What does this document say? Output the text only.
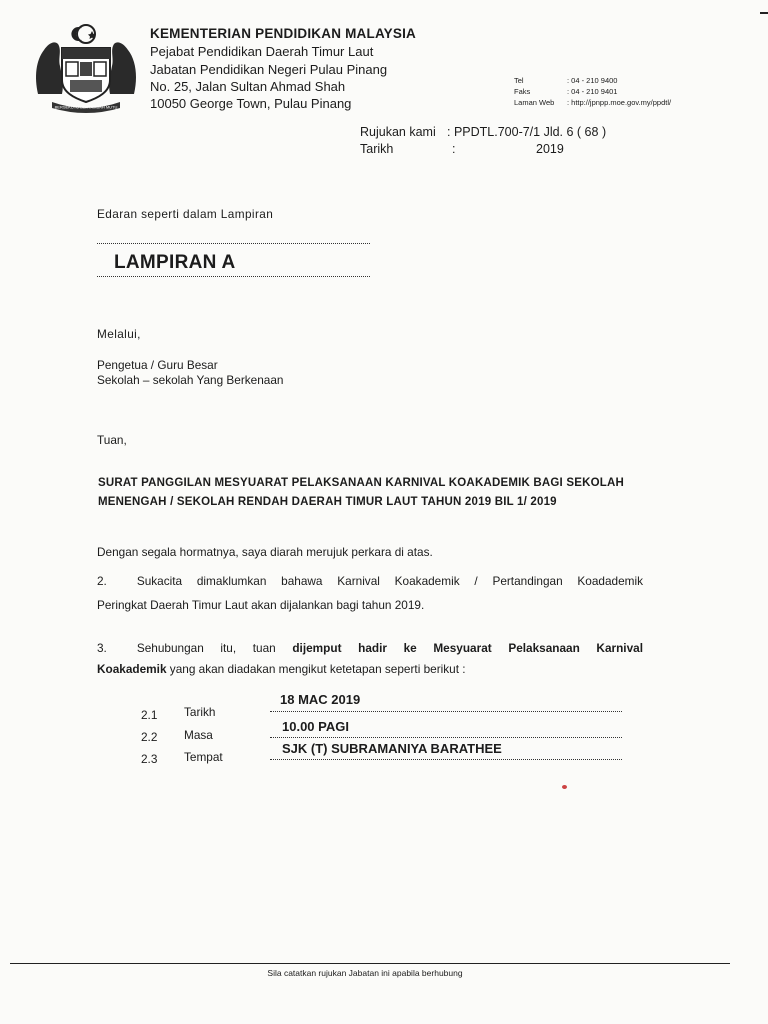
BERSEKUTU BERTAMBAH MUTU
KEMENTERIAN PENDIDIKAN MALAYSIA
Pejabat Pendidikan Daerah Timur Laut
Jabatan Pendidikan Negeri Pulau Pinang
No. 25, Jalan Sultan Ahmad Shah
10050 George Town, Pulau Pinang
Tel	: 04 - 210 9400
Faks	: 04 - 210 9401
Laman Web : http://jpnpp.moe.gov.my/ppdtl/
Rujukan kami : PPDTL.700-7/1 Jld. 6 ( 68 )
Tarikh	:	2019
Edaran seperti dalam Lampiran
LAMPIRAN A
Melalui,
Pengetua / Guru Besar
Sekolah – sekolah Yang Berkenaan
Tuan,
SURAT PANGGILAN MESYUARAT PELAKSANAAN KARNIVAL KOAKADEMIK BAGI SEKOLAH MENENGAH / SEKOLAH RENDAH DAERAH TIMUR LAUT TAHUN 2019 BIL 1/ 2019
Dengan segala hormatnya, saya diarah merujuk perkara di atas.
2.	Sukacita dimaklumkan bahawa Karnival Koakademik / Pertandingan Koadademik
Peringkat Daerah Timur Laut akan dijalankan bagi tahun 2019.
3.	Sehubungan itu, tuan dijemput hadir ke Mesyuarat Pelaksanaan Karnival
Koakademik yang akan diadakan mengikut ketetapan seperti berikut :
2.1 Tarikh
18 MAC 2019
2.2 Masa
10.00 PAGI
2.3 Tempat
SJK (T) SUBRAMANIYA BARATHEE
Sila catatkan rujukan Jabatan ini apabila berhubung
